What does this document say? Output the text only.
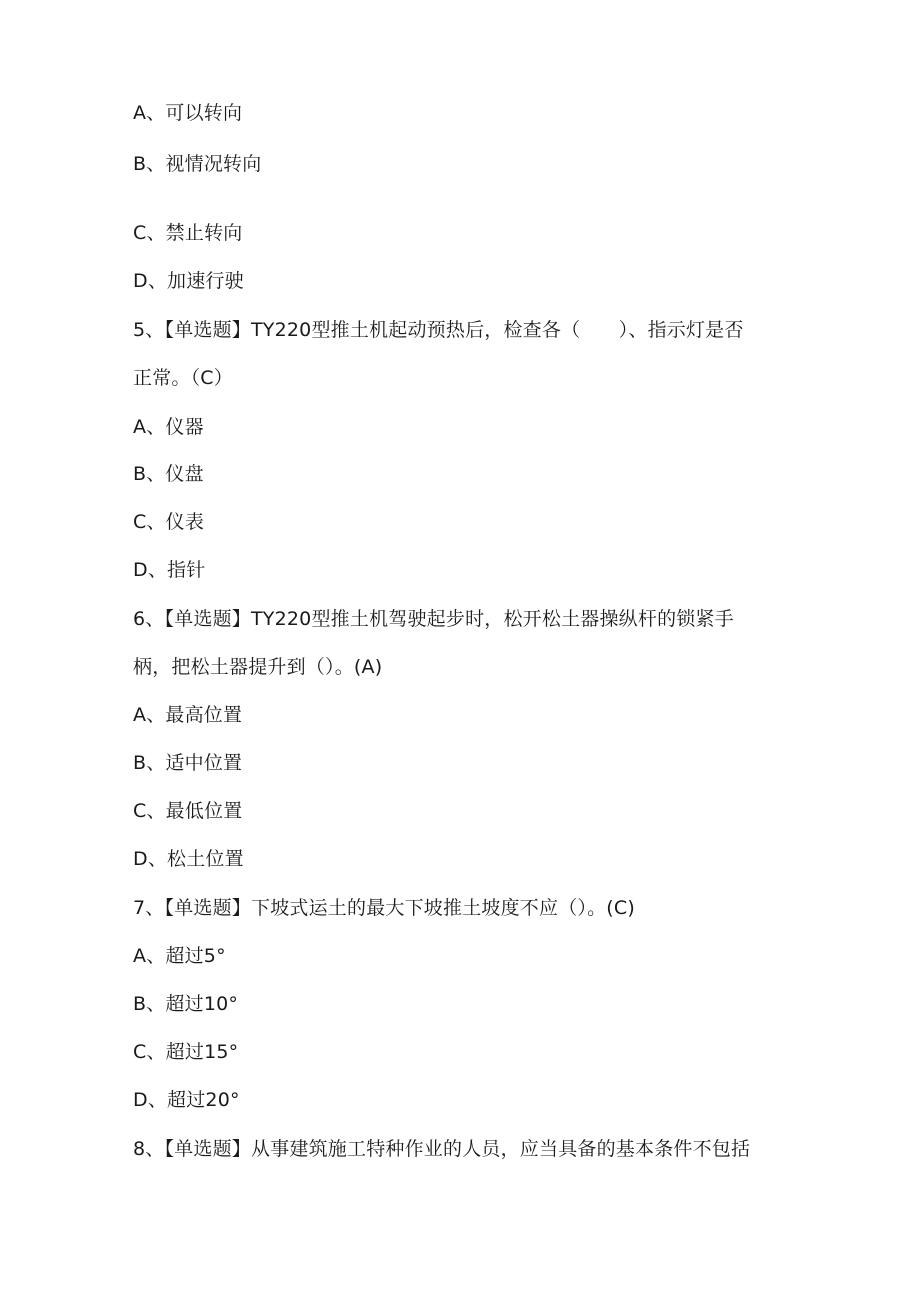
A、可以转向
B、视情况转向
C、禁止转向
D、加速行驶
5、【单选题】TY220型推土机起动预热后，检查各（　　）、指示灯是否
正常。（C）
A、仪器
B、仪盘
C、仪表
D、指针
6、【单选题】TY220型推土机驾驶起步时，松开松土器操纵杆的锁紧手
柄，把松土器提升到（）。(A)
A、最高位置
B、适中位置
C、最低位置
D、松土位置
7、【单选题】下坡式运土的最大下坡推土坡度不应（）。(C)
A、超过5°
B、超过10°
C、超过15°
D、超过20°
8、【单选题】从事建筑施工特种作业的人员，应当具备的基本条件不包括
